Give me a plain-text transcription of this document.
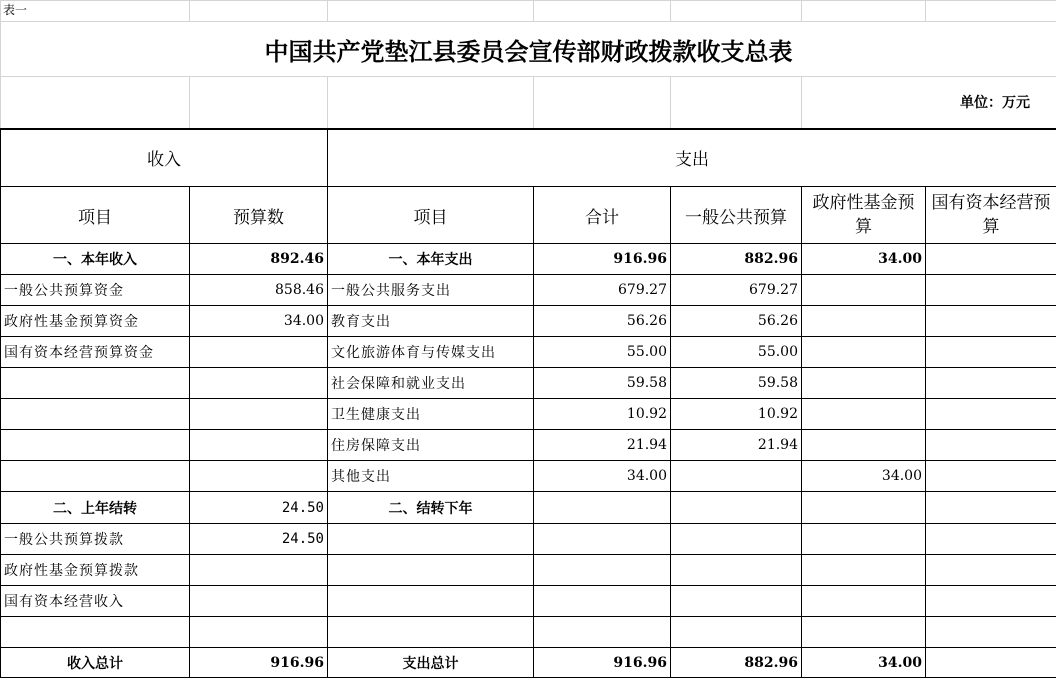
表一						
中国共产党垫江县委员会宣传部财政拨款收支总表						
					单位：万元	
收入		支出				
项目	预算数	项目	合计	一般公共预算	政府性基金预算	国有资本经营预算
一、本年收入	892.46	一、本年支出	916.96	882.96	34.00	
一般公共预算资金	858.46	一般公共服务支出	679.27	679.27		
政府性基金预算资金	34.00	教育支出	56.26	56.26		
国有资本经营预算资金		文化旅游体育与传媒支出	55.00	55.00		
		社会保障和就业支出	59.58	59.58		
		卫生健康支出	10.92	10.92		
		住房保障支出	21.94	21.94		
		其他支出	34.00		34.00	
二、上年结转	24.50	二、结转下年				
一般公共预算拨款	24.50					
政府性基金预算拨款						
国有资本经营收入						

收入总计	916.96	支出总计	916.96	882.96	34.00	
